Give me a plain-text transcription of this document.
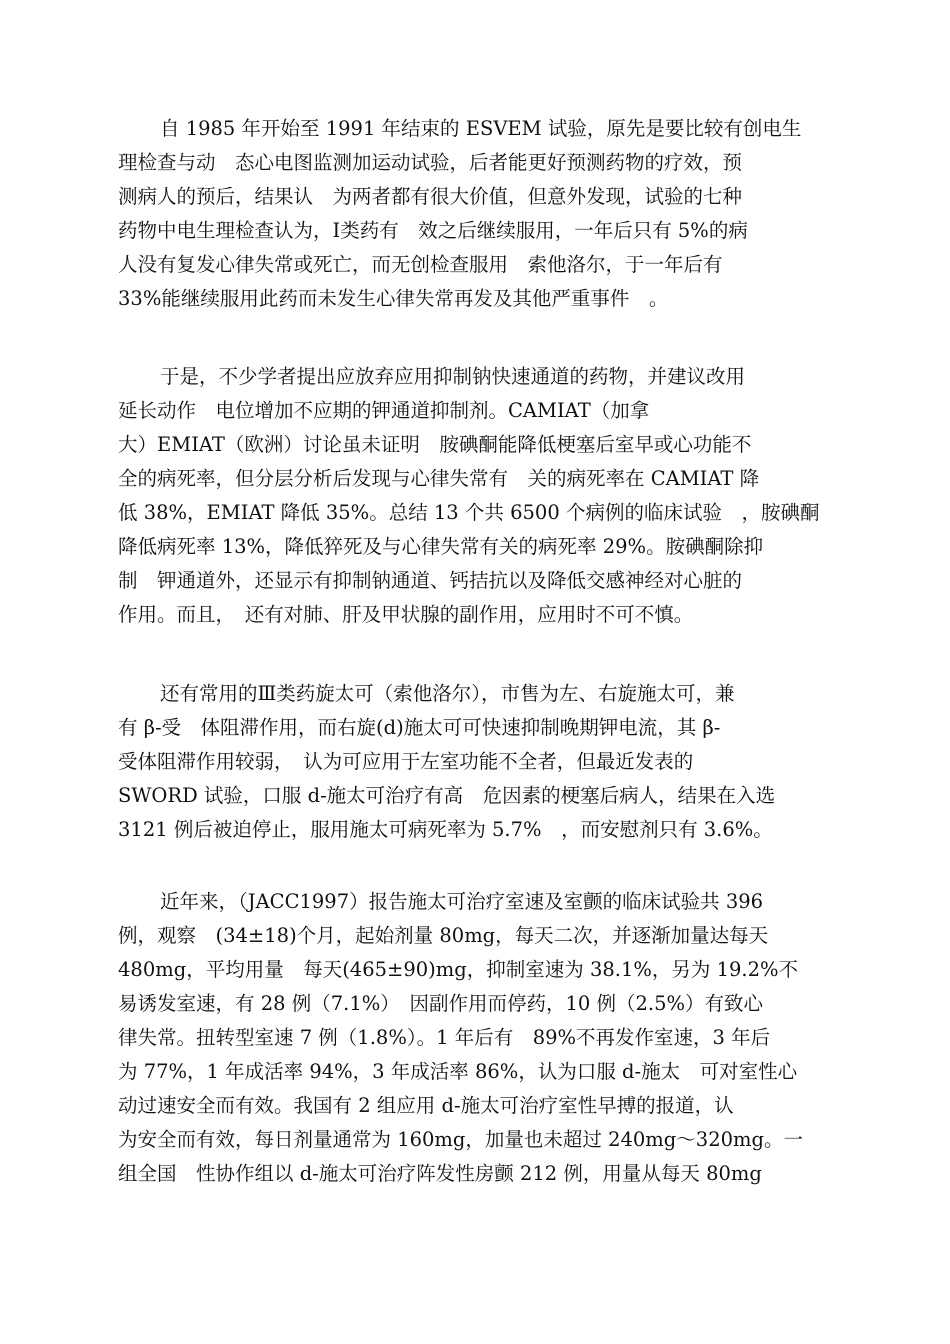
自 1985 年开始至 1991 年结束的 ESVEM 试验，原先是要比较有创电生
理检查与动　态心电图监测加运动试验，后者能更好预测药物的疗效，预
测病人的预后，结果认　为两者都有很大价值，但意外发现，试验的七种
药物中电生理检查认为，Ⅰ类药有　效之后继续服用，一年后只有 5%的病
人没有复发心律失常或死亡，而无创检查服用　索他洛尔，于一年后有
33%能继续服用此药而未发生心律失常再发及其他严重事件　。
于是，不少学者提出应放弃应用抑制钠快速通道的药物，并建议改用
延长动作　电位增加不应期的钾通道抑制剂。CAMIAT（加拿
大）EMIAT（欧洲）讨论虽未证明　胺碘酮能降低梗塞后室早或心功能不
全的病死率，但分层分析后发现与心律失常有　关的病死率在 CAMIAT 降
低 38%，EMIAT 降低 35%。总结 13 个共 6500 个病例的临床试验　，胺碘酮
降低病死率 13%，降低猝死及与心律失常有关的病死率 29%。胺碘酮除抑
制　钾通道外，还显示有抑制钠通道、钙拮抗以及降低交感神经对心脏的
作用。而且，　还有对肺、肝及甲状腺的副作用，应用时不可不慎。
还有常用的Ⅲ类药旋太可（索他洛尔），市售为左、右旋施太可，兼
有 β-受　体阻滞作用，而右旋(d)施太可可快速抑制晚期钾电流，其 β-
受体阻滞作用较弱，　认为可应用于左室功能不全者，但最近发表的
SWORD 试验，口服 d-施太可治疗有高　危因素的梗塞后病人，结果在入选
3121 例后被迫停止，服用施太可病死率为 5.7%　，而安慰剂只有 3.6%。
近年来，（JACC1997）报告施太可治疗室速及室颤的临床试验共 396
例，观察　(34±18)个月，起始剂量 80mg，每天二次，并逐渐加量达每天
480mg，平均用量　每天(465±90)mg，抑制室速为 38.1%，另为 19.2%不
易诱发室速，有 28 例（7.1%）　因副作用而停药，10 例（2.5%）有致心
律失常。扭转型室速 7 例（1.8%）。1 年后有　89%不再发作室速，3 年后
为 77%，1 年成活率 94%，3 年成活率 86%，认为口服 d-施太　可对室性心
动过速安全而有效。我国有 2 组应用 d-施太可治疗室性早搏的报道，认
为安全而有效，每日剂量通常为 160mg，加量也未超过 240mg～320mg。一
组全国　性协作组以 d-施太可治疗阵发性房颤 212 例，用量从每天 80mg
